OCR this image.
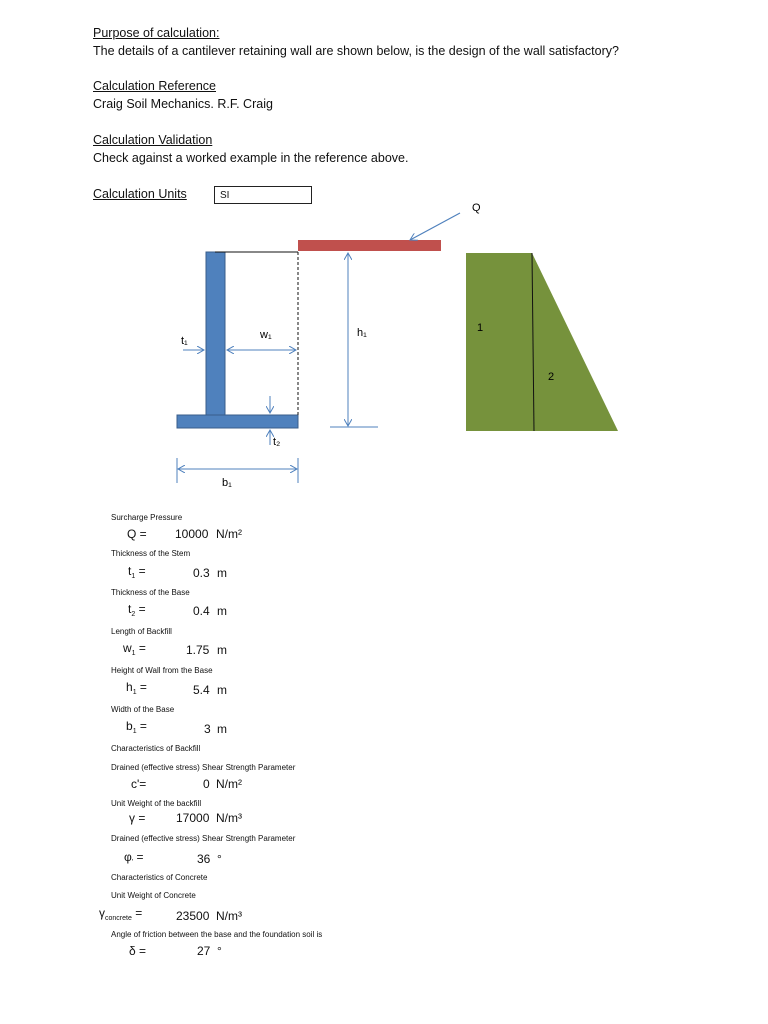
Purpose of calculation:
The details of a cantilever retaining wall are shown below, is the design of the wall satisfactory?
Calculation Reference
Craig Soil Mechanics. R.F. Craig
Calculation Validation
Check against a worked example in the reference above.
Calculation Units	SI
Q
t₁	w₁	h₁
t₂
b₁
1
2
Surcharge Pressure
Q = 10000 N/m²
Thickness of the Stem
$t_1$ =	0.3 m
Thickness of the Base
$t_2$ =	0.4 m
Length of Backfill
$w_1$ =	1.75 m
Height of Wall from the Base
$h_1$ =	5.4 m
Width of the Base
$b_1$ =	3 m
Characteristics of Backfill
Drained (effective stress) Shear Strength Parameter
c'=	0 N/m²
Unit Weight of the backfill
γ =	17000 N/m³
Drained (effective stress) Shear Strength Parameter
$\varphi'$ =	36 °
Characteristics of Concrete
Unit Weight of Concrete
$\gamma_{concrete}$ =	23500 N/m³
Angle of friction between the base and the foundation soil is
δ =	27 °
